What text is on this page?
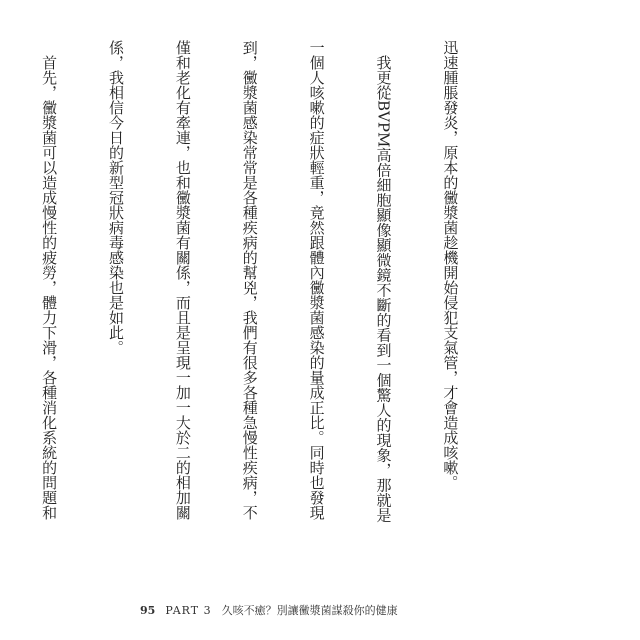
迅速腫脹發炎，原本的黴漿菌趁機開始侵犯支氣管，才會造成咳嗽。

　我更從BVPM高倍細胞顯像顯微鏡不斷的看到一個驚人的現象，那就是

一個人咳嗽的症狀輕重，竟然跟體內黴漿菌感染的量成正比。同時也發現

到，黴漿菌感染常常是各種疾病的幫兇，我們有很多各種急慢性疾病，不

僅和老化有牽連，也和黴漿菌有關係，而且是呈現一加一大於二的相加關

係，我相信今日的新型冠狀病毒感染也是如此。

　首先，黴漿菌可以造成慢性的疲勞，體力下滑，各種消化系統的問題和

95 PART 3 久咳不癒？別讓黴漿菌謀殺你的健康
